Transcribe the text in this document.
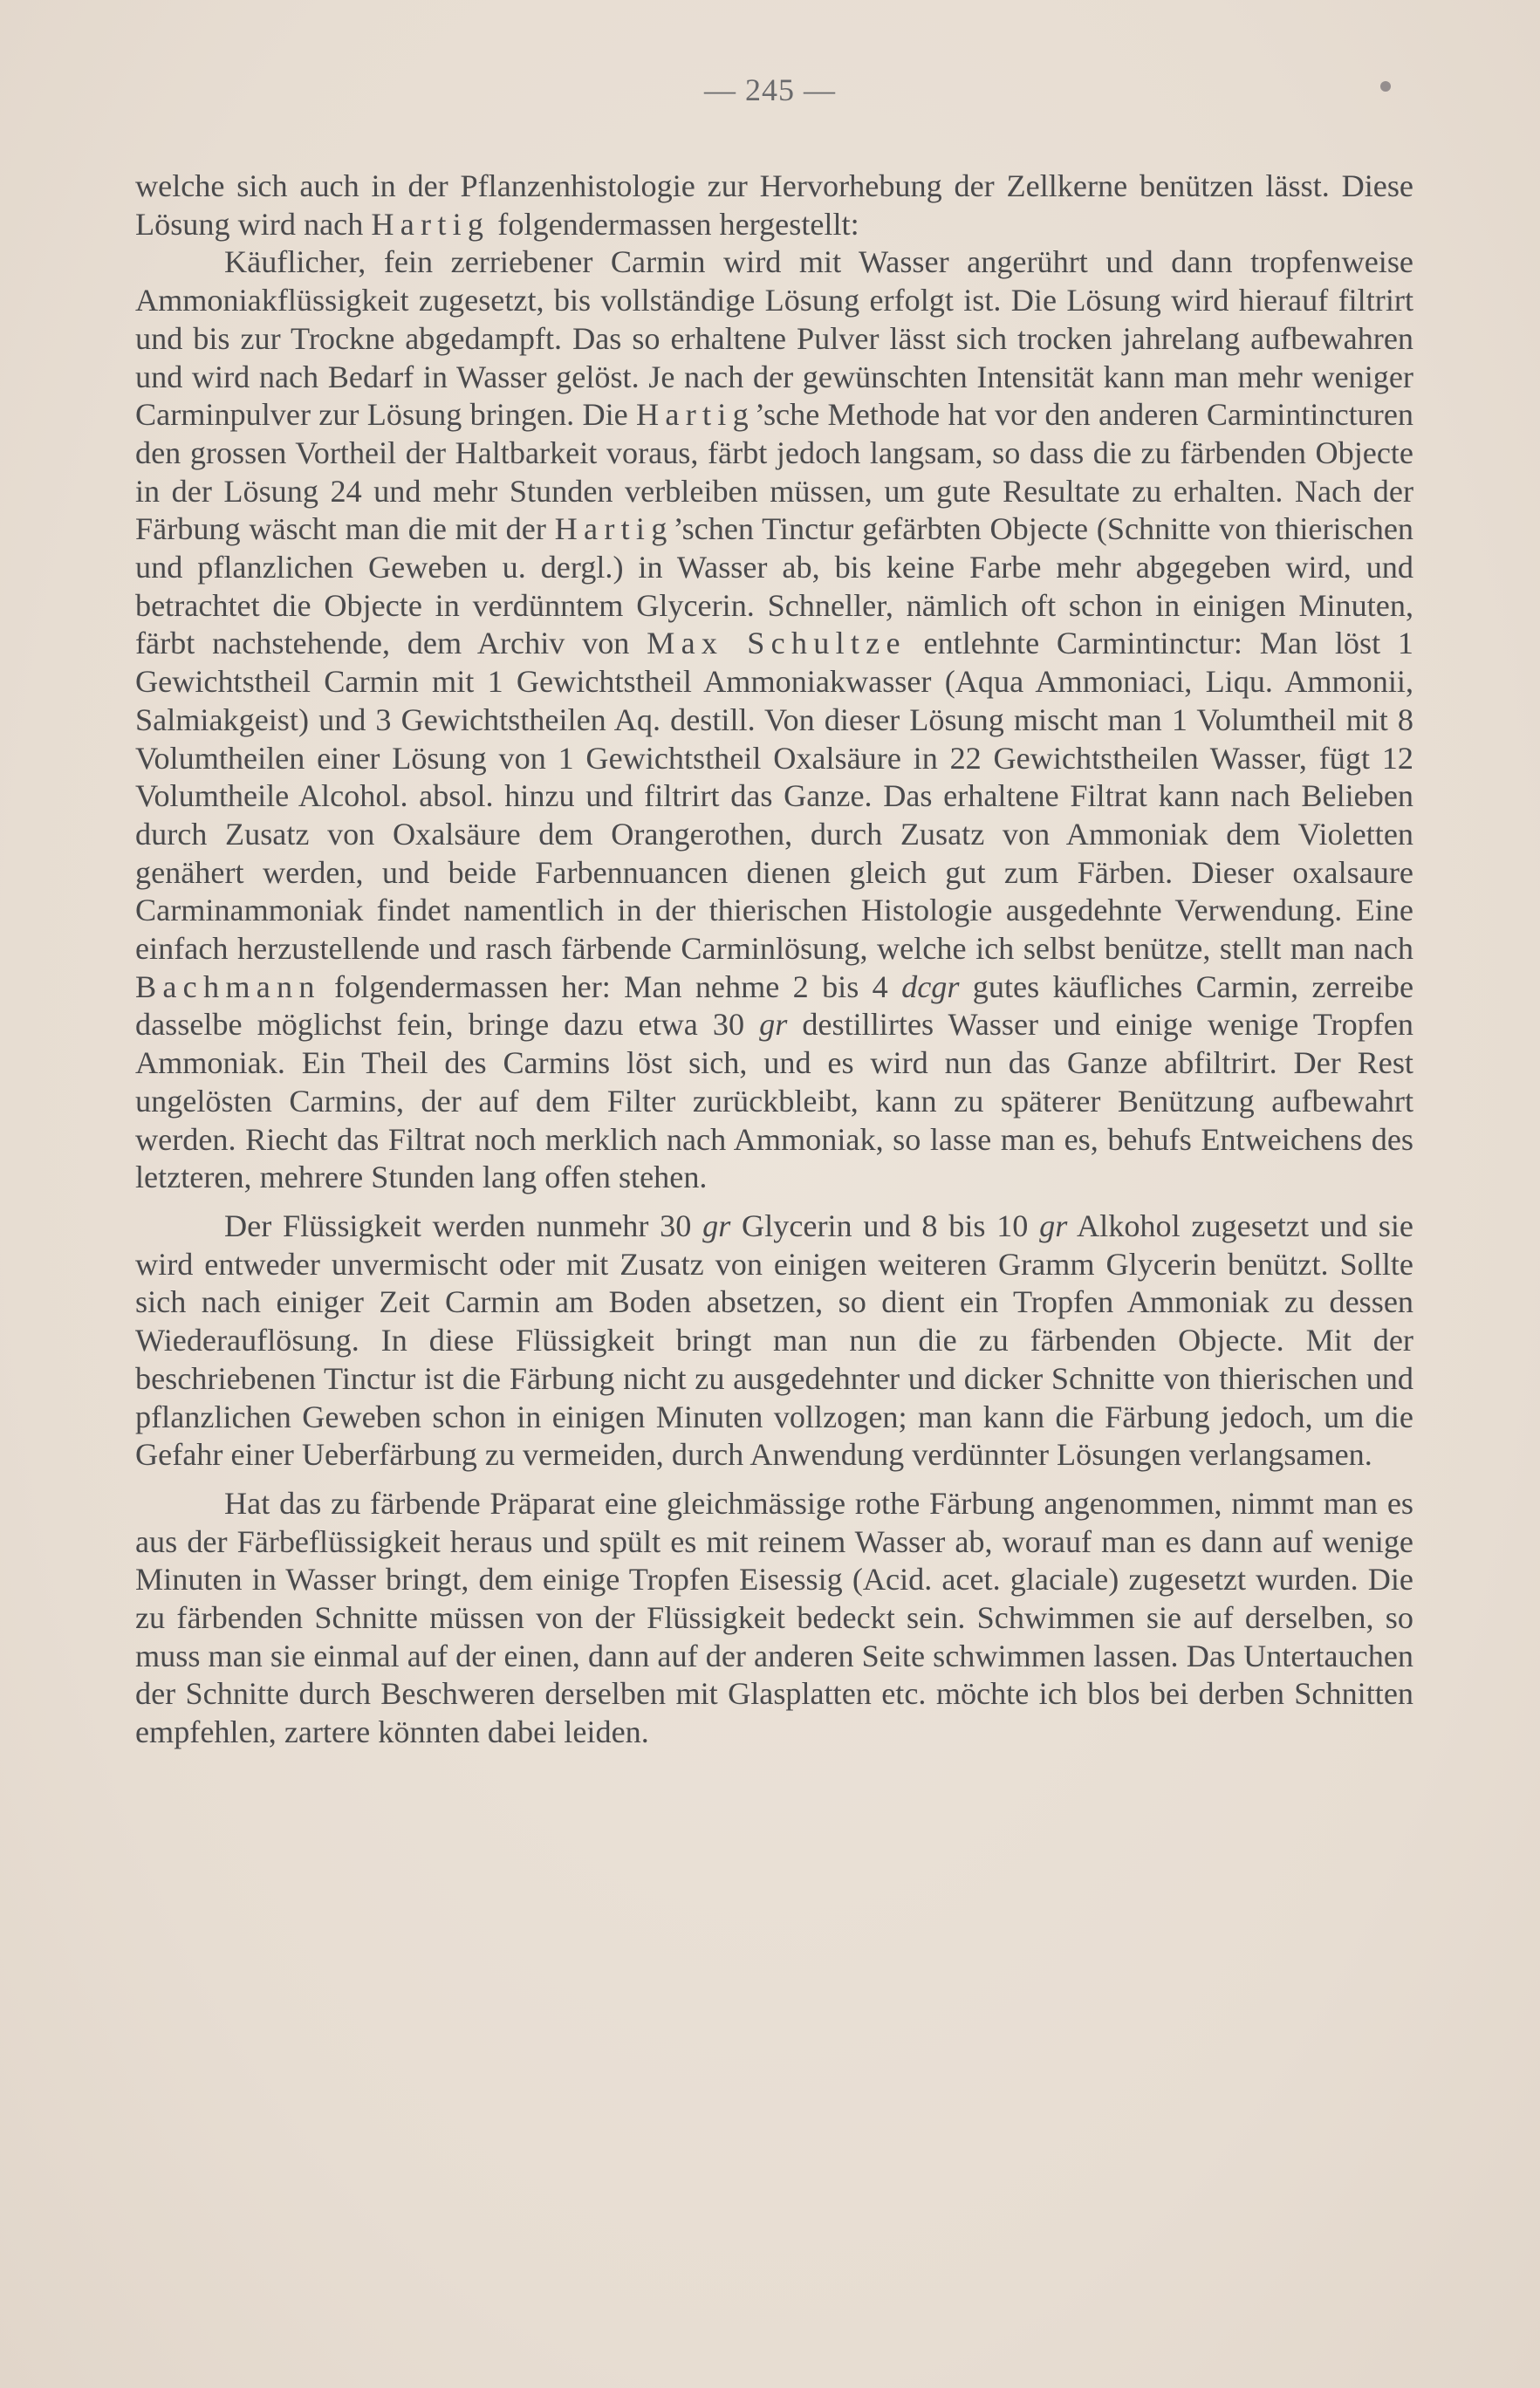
— 245 —

welche sich auch in der Pflanzenhistologie zur Hervorhebung der Zellkerne benützen lässt. Diese Lösung wird nach Hartig folgendermassen hergestellt:

Käuflicher, fein zerriebener Carmin wird mit Wasser angerührt und dann tropfenweise Ammoniakflüssigkeit zugesetzt, bis vollständige Lösung erfolgt ist. Die Lösung wird hierauf filtrirt und bis zur Trockne abgedampft. Das so erhaltene Pulver lässt sich trocken jahrelang aufbewahren und wird nach Bedarf in Wasser gelöst. Je nach der gewünschten Intensität kann man mehr weniger Carminpulver zur Lösung bringen. Die Hartig’sche Methode hat vor den anderen Carmintincturen den grossen Vortheil der Haltbarkeit voraus, färbt jedoch langsam, so dass die zu färbenden Objecte in der Lösung 24 und mehr Stunden verbleiben müssen, um gute Resultate zu erhalten. Nach der Färbung wäscht man die mit der Hartig’schen Tinctur gefärbten Objecte (Schnitte von thierischen und pflanzlichen Geweben u. dergl.) in Wasser ab, bis keine Farbe mehr abgegeben wird, und betrachtet die Objecte in verdünntem Glycerin. Schneller, nämlich oft schon in einigen Minuten, färbt nachstehende, dem Archiv von Max Schultze entlehnte Carmintinctur: Man löst 1 Gewichtstheil Carmin mit 1 Gewichtstheil Ammoniakwasser (Aqua Ammoniaci, Liqu. Ammonii, Salmiakgeist) und 3 Gewichtstheilen Aq. destill. Von dieser Lösung mischt man 1 Volumtheil mit 8 Volumtheilen einer Lösung von 1 Gewichtstheil Oxalsäure in 22 Gewichtstheilen Wasser, fügt 12 Volumtheile Alcohol. absol. hinzu und filtrirt das Ganze. Das erhaltene Filtrat kann nach Belieben durch Zusatz von Oxalsäure dem Orangerothen, durch Zusatz von Ammoniak dem Violetten genähert werden, und beide Farbennuancen dienen gleich gut zum Färben. Dieser oxalsaure Carminammoniak findet namentlich in der thierischen Histologie ausgedehnte Verwendung. Eine einfach herzustellende und rasch färbende Carminlösung, welche ich selbst benütze, stellt man nach Bachmann folgendermassen her: Man nehme 2 bis 4 dcgr gutes käufliches Carmin, zerreibe dasselbe möglichst fein, bringe dazu etwa 30 gr destillirtes Wasser und einige wenige Tropfen Ammoniak. Ein Theil des Carmins löst sich, und es wird nun das Ganze abfiltrirt. Der Rest ungelösten Carmins, der auf dem Filter zurückbleibt, kann zu späterer Benützung aufbewahrt werden. Riecht das Filtrat noch merklich nach Ammoniak, so lasse man es, behufs Entweichens des letzteren, mehrere Stunden lang offen stehen.

Der Flüssigkeit werden nunmehr 30 gr Glycerin und 8 bis 10 gr Alkohol zugesetzt und sie wird entweder unvermischt oder mit Zusatz von einigen weiteren Gramm Glycerin benützt. Sollte sich nach einiger Zeit Carmin am Boden absetzen, so dient ein Tropfen Ammoniak zu dessen Wiederauflösung. In diese Flüssigkeit bringt man nun die zu färbenden Objecte. Mit der beschriebenen Tinctur ist die Färbung nicht zu ausgedehnter und dicker Schnitte von thierischen und pflanzlichen Geweben schon in einigen Minuten vollzogen; man kann die Färbung jedoch, um die Gefahr einer Ueberfärbung zu vermeiden, durch Anwendung verdünnter Lösungen verlangsamen.

Hat das zu färbende Präparat eine gleichmässige rothe Färbung angenommen, nimmt man es aus der Färbeflüssigkeit heraus und spült es mit reinem Wasser ab, worauf man es dann auf wenige Minuten in Wasser bringt, dem einige Tropfen Eisessig (Acid. acet. glaciale) zugesetzt wurden. Die zu färbenden Schnitte müssen von der Flüssigkeit bedeckt sein. Schwimmen sie auf derselben, so muss man sie einmal auf der einen, dann auf der anderen Seite schwimmen lassen. Das Untertauchen der Schnitte durch Beschweren derselben mit Glasplatten etc. möchte ich blos bei derben Schnitten empfehlen, zartere könnten dabei leiden.
